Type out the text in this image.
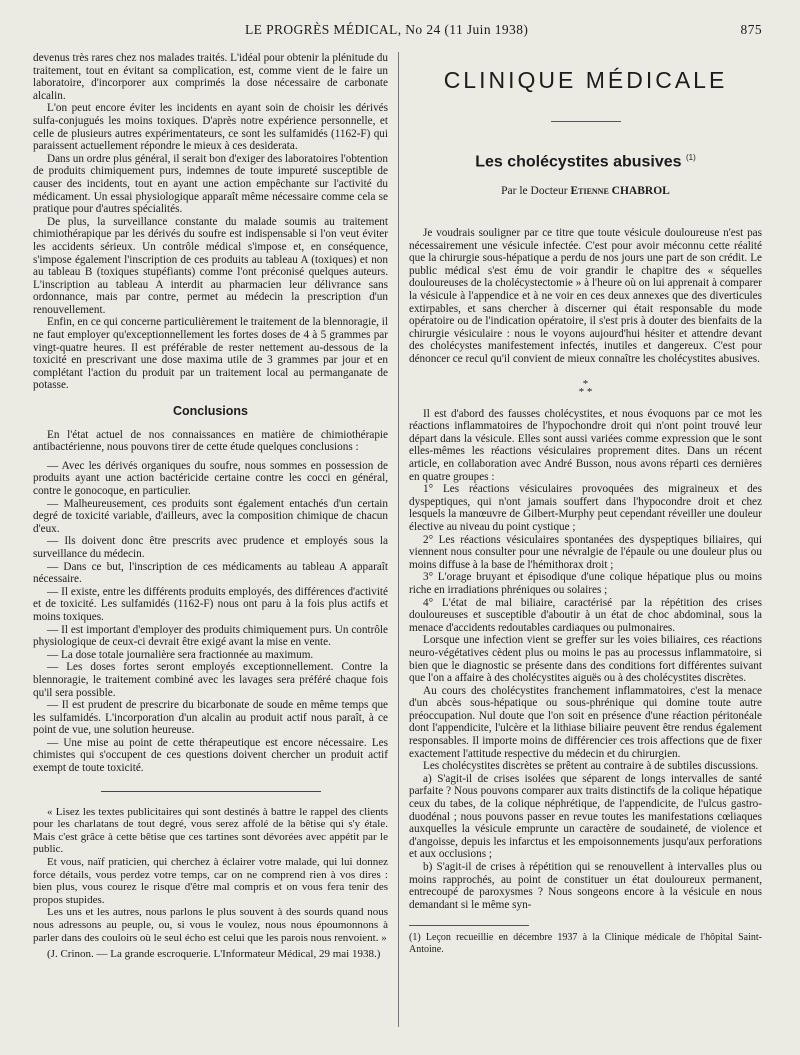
LE PROGRÈS MÉDICAL, No 24 (11 Juin 1938)	875

devenus très rares chez nos malades traités. L'idéal pour obtenir la plénitude du traitement, tout en évitant sa complication, est, comme vient de le faire un laboratoire, d'incorporer aux comprimés la dose nécessaire de carbonate alcalin.

L'on peut encore éviter les incidents en ayant soin de choisir les dérivés sulfa-conjugués les moins toxiques. D'après notre expérience personnelle, et celle de plusieurs autres expérimentateurs, ce sont les sulfamidés (1162-F) qui paraissent actuellement répondre le mieux à ces desiderata.

Dans un ordre plus général, il serait bon d'exiger des laboratoires l'obtention de produits chimiquement purs, indemnes de toute impureté susceptible de causer des incidents, tout en ayant une action empêchante sur l'activité du médicament. Un essai physiologique apparaît même nécessaire comme cela se pratique pour d'autres spécialités.

De plus, la surveillance constante du malade soumis au traitement chimiothérapique par les dérivés du soufre est indispensable si l'on veut éviter les accidents sérieux. Un contrôle médical s'impose et, en conséquence, s'impose également l'inscription de ces produits au tableau A (toxiques) et non au tableau B (toxiques stupéfiants) comme l'ont préconisé quelques auteurs. L'inscription au tableau A interdit au pharmacien leur délivrance sans ordonnance, mais par contre, permet au médecin la prescription d'un renouvellement.

Enfin, en ce qui concerne particulièrement le traitement de la blennoragie, il ne faut employer qu'exceptionnellement les fortes doses de 4 à 5 grammes par vingt-quatre heures. Il est préférable de rester nettement au-dessous de la toxicité en prescrivant une dose maxima utile de 3 grammes par jour et en complétant l'action du produit par un traitement local au permanganate de potasse.

Conclusions

En l'état actuel de nos connaissances en matière de chimiothérapie antibactérienne, nous pouvons tirer de cette étude quelques conclusions :

— Avec les dérivés organiques du soufre, nous sommes en possession de produits ayant une action bactéricide certaine contre les cocci en général, contre le gonocoque, en particulier.

— Malheureusement, ces produits sont également entachés d'un certain degré de toxicité variable, d'ailleurs, avec la composition chimique de chacun d'eux.

— Ils doivent donc être prescrits avec prudence et employés sous la surveillance du médecin.

— Dans ce but, l'inscription de ces médicaments au tableau A apparaît nécessaire.

— Il existe, entre les différents produits employés, des différences d'activité et de toxicité. Les sulfamidés (1162-F) nous ont paru à la fois plus actifs et moins toxiques.

— Il est important d'employer des produits chimiquement purs. Un contrôle physiologique de ceux-ci devrait être exigé avant la mise en vente.

— La dose totale journalière sera fractionnée au maximum.

— Les doses fortes seront employés exceptionnellement. Contre la blennoragie, le traitement combiné avec les lavages sera préféré chaque fois qu'il sera possible.

— Il est prudent de prescrire du bicarbonate de soude en même temps que les sulfamidés. L'incorporation d'un alcalin au produit actif nous paraît, à ce point de vue, une solution heureuse.

— Une mise au point de cette thérapeutique est encore nécessaire. Les chimistes qui s'occupent de ces questions doivent chercher un produit actif exempt de toute toxicité.

« Lisez les textes publicitaires qui sont destinés à battre le rappel des clients pour les charlatans de tout degré, vous serez affolé de la bêtise qui s'y étale. Mais c'est grâce à cette bêtise que ces tartines sont dévorées avec appétit par le public.

Et vous, naïf praticien, qui cherchez à éclairer votre malade, qui lui donnez force détails, vous perdez votre temps, car on ne comprend rien à vos dires : bien plus, vous courez le risque d'être mal compris et on vous fera tenir des propos stupides.

Les uns et les autres, nous parlons le plus souvent à des sourds quand nous nous adressons au peuple, ou, si vous le voulez, nous nous époumonnons à parler dans des couloirs où le seul écho est celui que les parois nous renvoient. »

(J. Crinon. — La grande escroquerie. L'Informateur Médical, 29 mai 1938.)

CLINIQUE MÉDICALE
Les cholécystites abusives $^{(1)}$
Par le Docteur Etienne CHABROL

Je voudrais souligner par ce titre que toute vésicule douloureuse n'est pas nécessairement une vésicule infectée. C'est pour avoir méconnu cette réalité que la chirurgie sous-hépatique a perdu de nos jours une part de son crédit. Le public médical s'est ému de voir grandir le chapitre des « séquelles douloureuses de la cholécystectomie » à l'heure où on lui apprenait à comparer la vésicule à l'appendice et à ne voir en ces deux annexes que des diverticules extirpables, et sans chercher à discerner qui était responsable du mode opératoire ou de l'indication opératoire, il s'est pris à douter des bienfaits de la chirurgie vésiculaire : nous le voyons aujourd'hui hésiter et attendre devant des cholécystes manifestement infectés, inutiles et dangereux. C'est pour dénoncer ce recul qu'il convient de mieux connaître les cholécystites abusives.

*
* *

Il est d'abord des fausses cholécystites, et nous évoquons par ce mot les réactions inflammatoires de l'hypochondre droit qui n'ont point trouvé leur départ dans la vésicule. Elles sont aussi variées comme expression que le sont elles-mêmes les réactions vésiculaires proprement dites. Dans un récent article, en collaboration avec André Busson, nous avons réparti ces dernières en quatre groupes :

1° Les réactions vésiculaires provoquées des migraineux et des dyspeptiques, qui n'ont jamais souffert dans l'hypocondre droit et chez lesquels la manœuvre de Gilbert-Murphy peut cependant réveiller une douleur élective au niveau du point cystique ;

2° Les réactions vésiculaires spontanées des dyspeptiques biliaires, qui viennent nous consulter pour une névralgie de l'épaule ou une douleur plus ou moins diffuse à la base de l'hémithorax droit ;

3° L'orage bruyant et épisodique d'une colique hépatique plus ou moins riche en irradiations phréniques ou solaires ;

4° L'état de mal biliaire, caractérisé par la répétition des crises douloureuses et susceptible d'aboutir à un état de choc abdominal, sous la menace d'accidents redoutables cardiaques ou pulmonaires.

Lorsque une infection vient se greffer sur les voies biliaires, ces réactions neuro-végétatives cèdent plus ou moins le pas au processus inflammatoire, si bien que le diagnostic se présente dans des conditions fort différentes suivant que l'on a affaire à des cholécystites aiguës ou à des cholécystites discrètes.

Au cours des cholécystites franchement inflammatoires, c'est la menace d'un abcès sous-hépatique ou sous-phrénique qui domine toute autre préoccupation. Nul doute que l'on soit en présence d'une réaction péritonéale dont l'appendicite, l'ulcère et la lithiase biliaire peuvent être rendus également responsables. Il importe moins de différencier ces trois affections que de fixer exactement l'attitude respective du médecin et du chirurgien.

Les cholécystites discrètes se prêtent au contraire à de subtiles discussions.

a) S'agit-il de crises isolées que séparent de longs intervalles de santé parfaite ? Nous pouvons comparer aux traits distinctifs de la colique hépatique ceux du tabes, de la colique néphrétique, de l'appendicite, de l'ulcus gastro-duodénal ; nous pouvons passer en revue toutes les manifestations cœliaques auxquelles la vésicule emprunte un caractère de soudaineté, de violence et d'angoisse, depuis les infarctus et les empoisonnements jusqu'aux perforations et aux occlusions ;

b) S'agit-il de crises à répétition qui se renouvellent à intervalles plus ou moins rapprochés, au point de constituer un état douloureux permanent, entrecoupé de paroxysmes ? Nous songeons encore à la vésicule en nous demandant si le même syn-

(1) Leçon recueillie en décembre 1937 à la Clinique médicale de l'hôpital Saint-Antoine.
